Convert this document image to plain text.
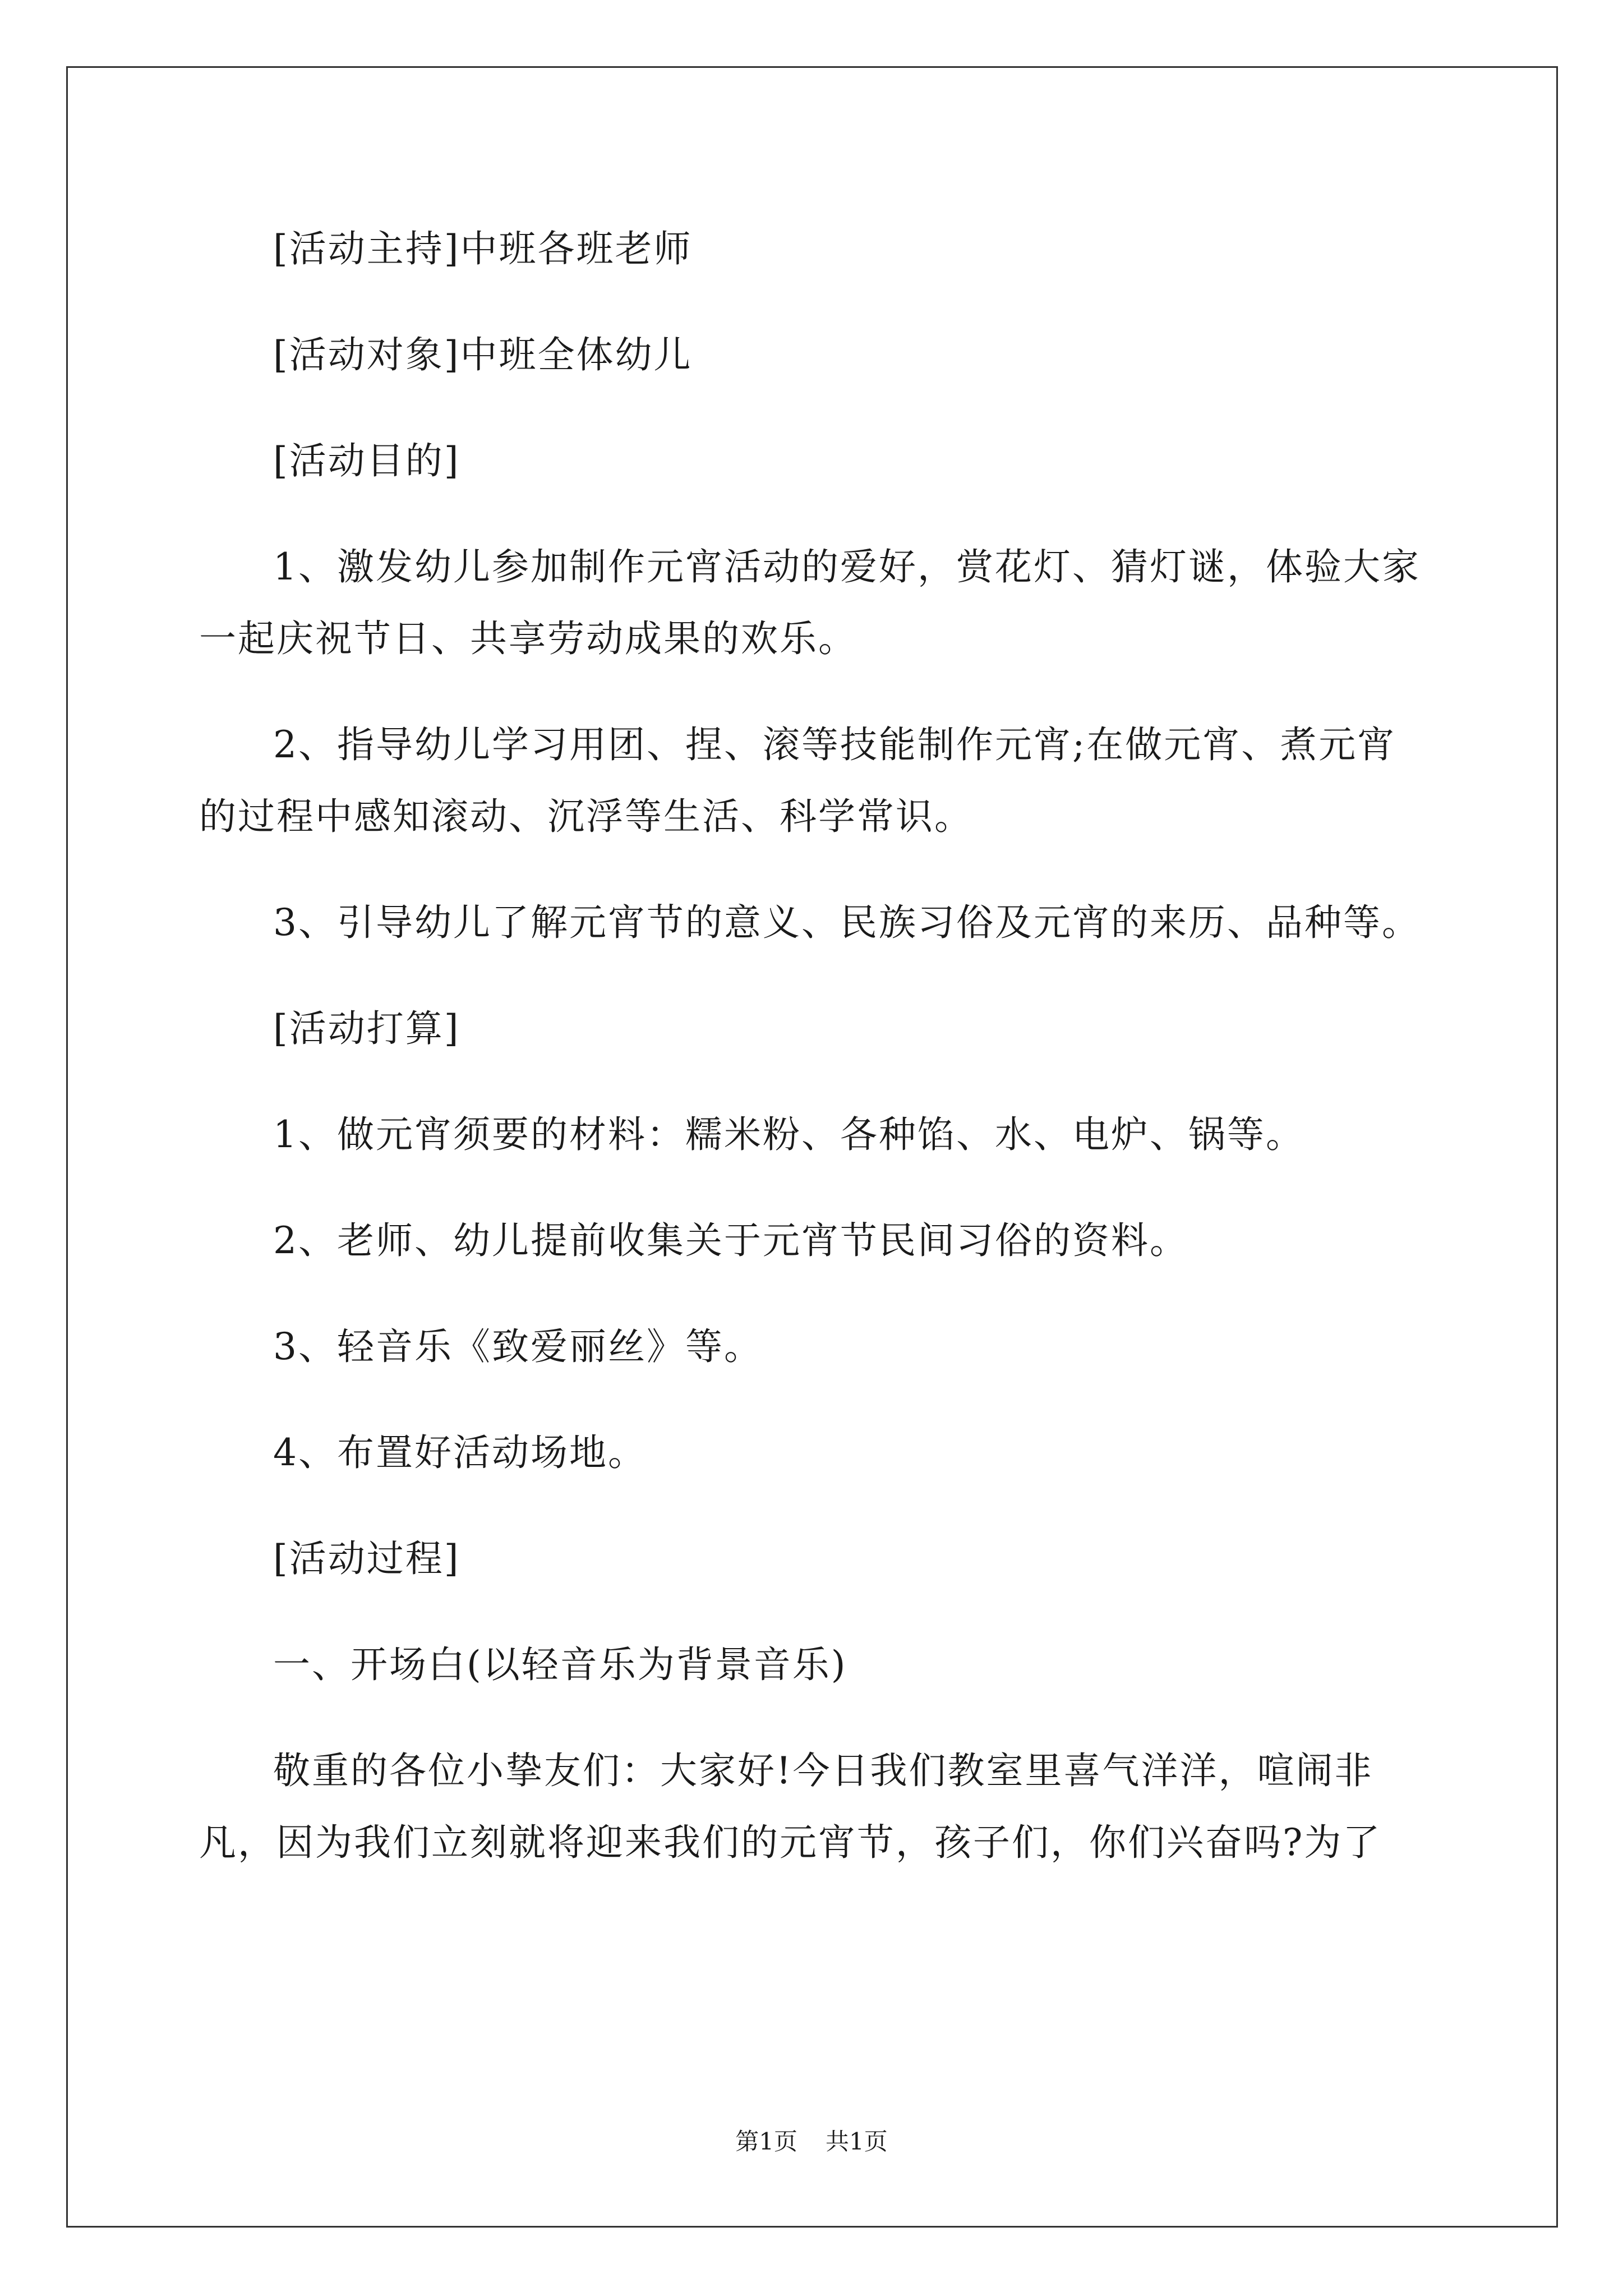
[活动主持]中班各班老师

[活动对象]中班全体幼儿

[活动目的]

1、激发幼儿参加制作元宵活动的爱好，赏花灯、猜灯谜，体验大家一起庆祝节日、共享劳动成果的欢乐。

2、指导幼儿学习用团、捏、滚等技能制作元宵;在做元宵、煮元宵的过程中感知滚动、沉浮等生活、科学常识。

3、引导幼儿了解元宵节的意义、民族习俗及元宵的来历、品种等。

[活动打算]

1、做元宵须要的材料：糯米粉、各种馅、水、电炉、锅等。

2、老师、幼儿提前收集关于元宵节民间习俗的资料。

3、轻音乐《致爱丽丝》等。

4、布置好活动场地。

[活动过程]

一、开场白(以轻音乐为背景音乐)

敬重的各位小挚友们：大家好!今日我们教室里喜气洋洋，喧闹非凡，因为我们立刻就将迎来我们的元宵节，孩子们，你们兴奋吗?为了

第1页 共1页
